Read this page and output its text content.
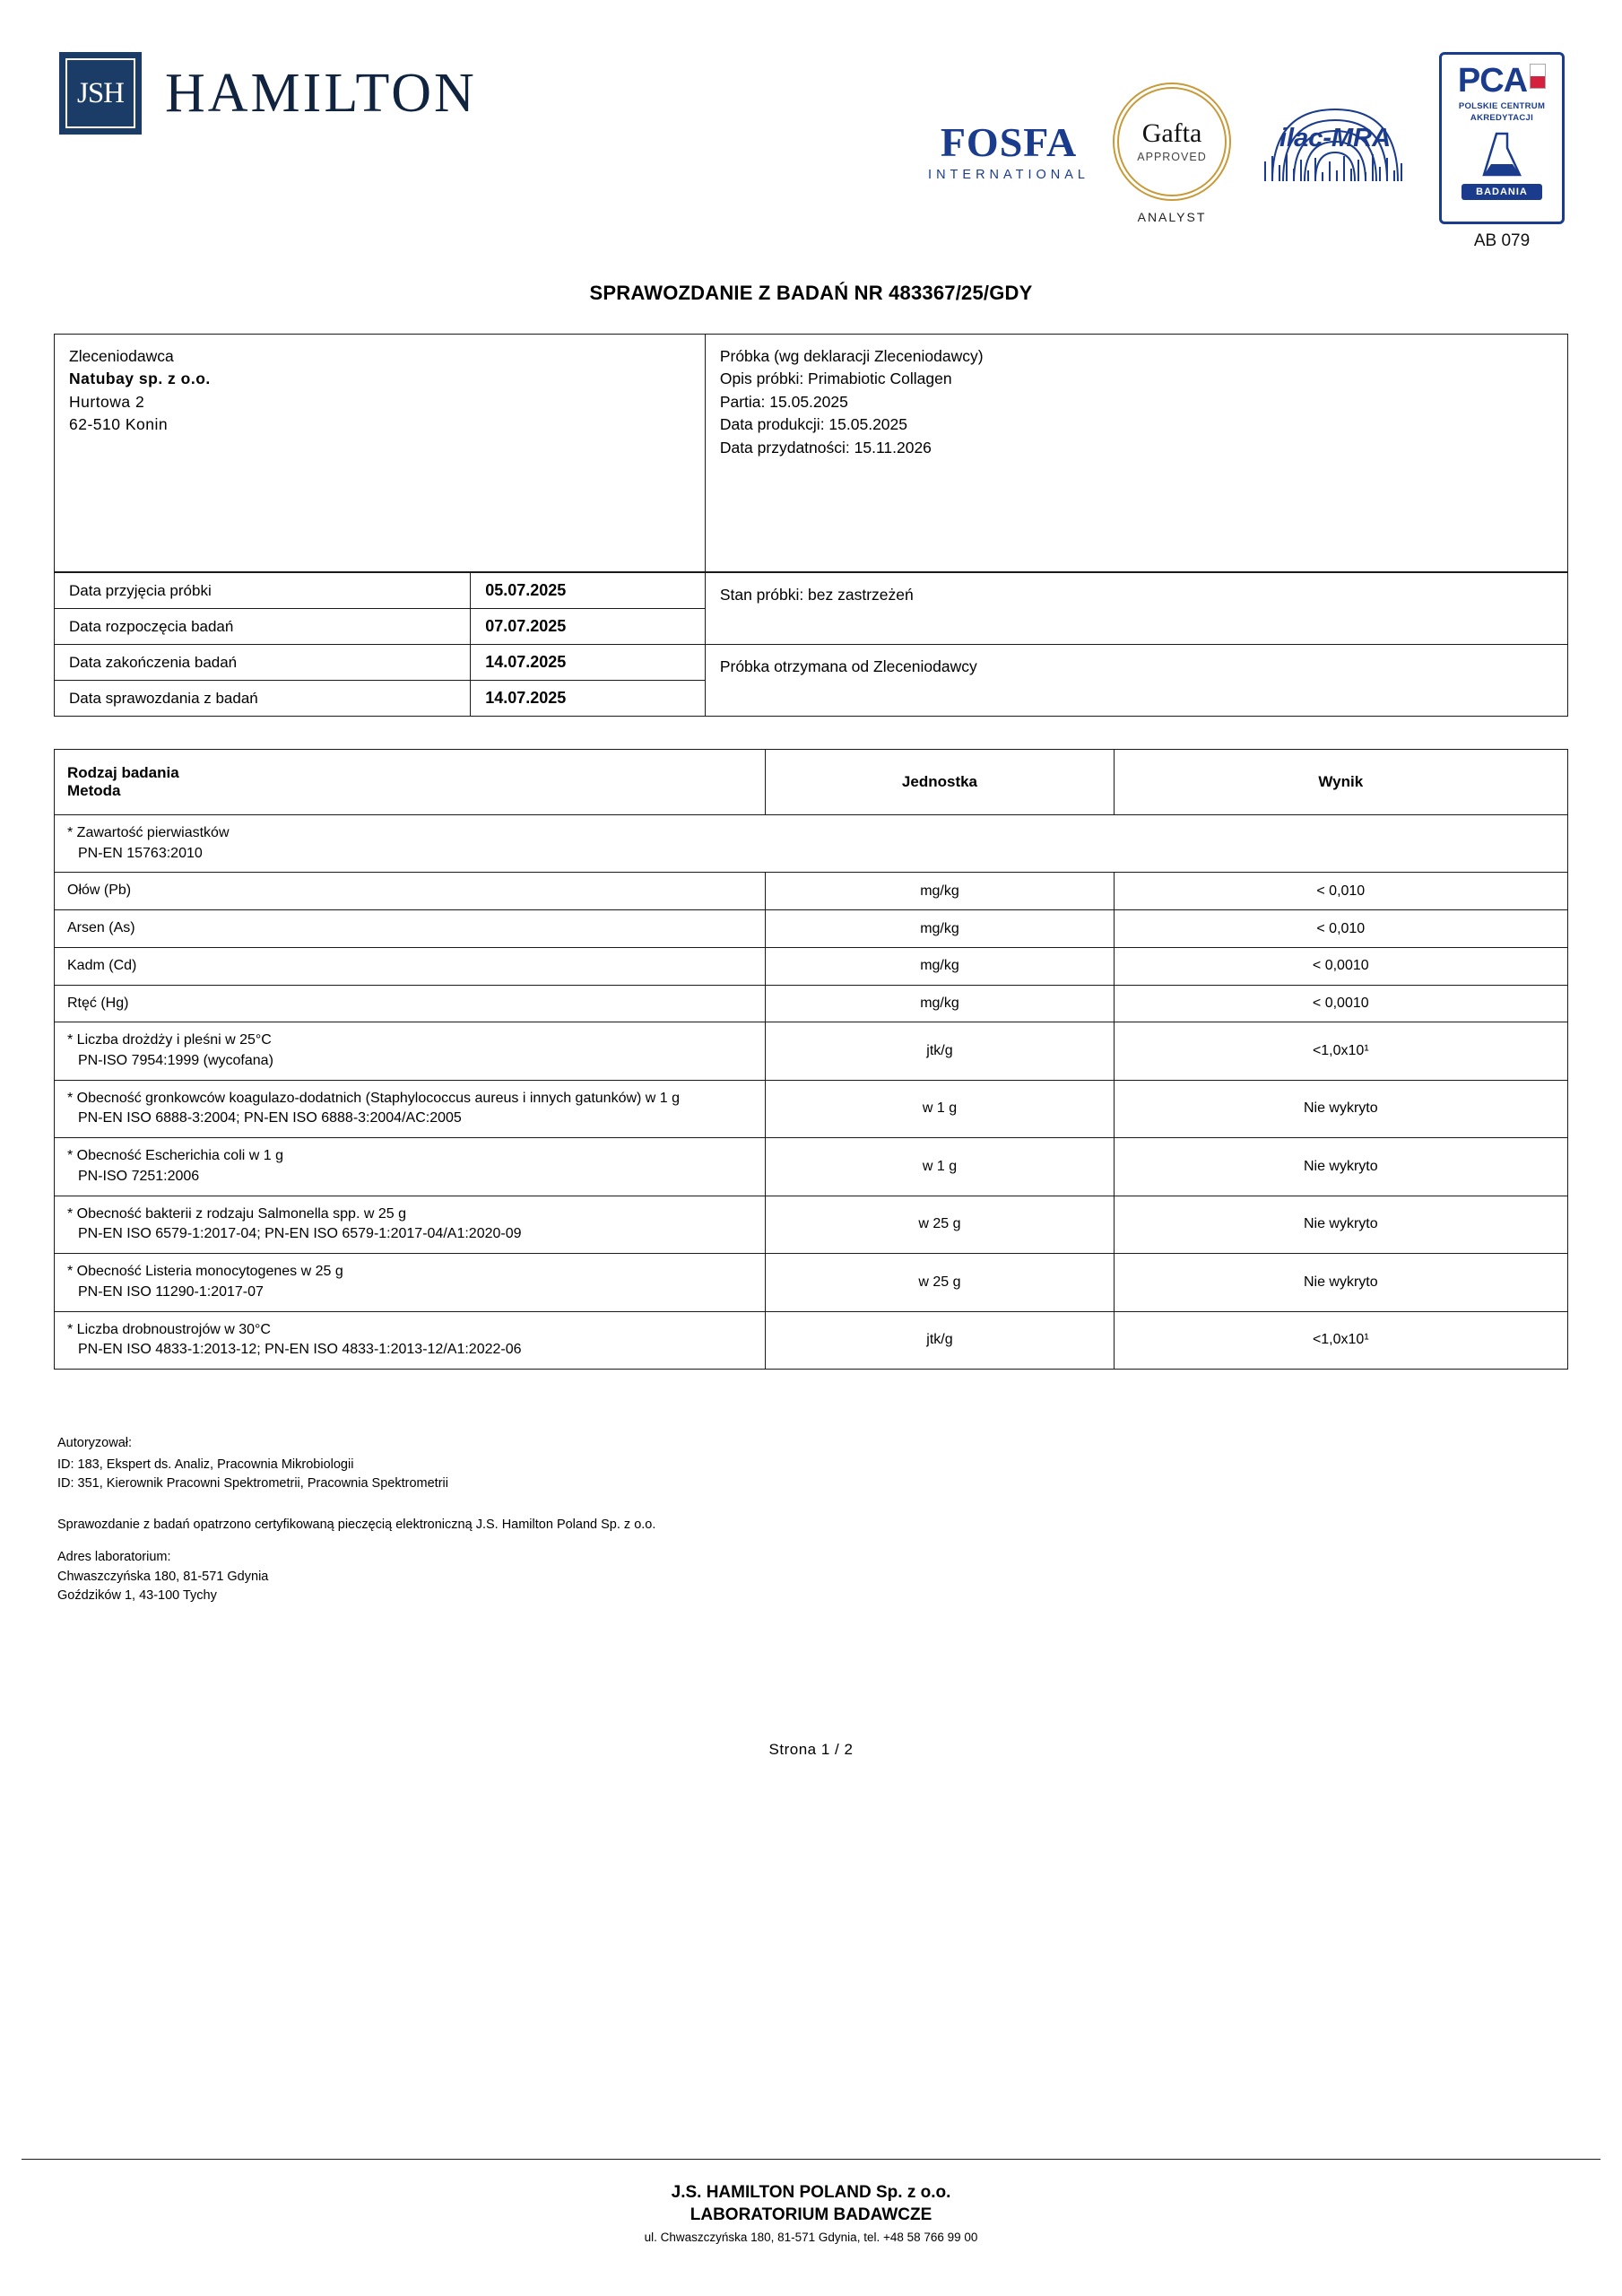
JSH HAMILTON
FOSFA
INTERNATIONAL
Gafta
APPROVED
ANALYST
ilac-MRA
PCA
POLSKIE CENTRUM
AKREDYTACJI
BADANIA
AB 079
SPRAWOZDANIE Z BADAŃ NR 483367/25/GDY
Zleceniodawca
Natubay sp. z o.o.
Hurtowa 2
62-510 Konin

Próbka (wg deklaracji Zleceniodawcy)
Opis próbki: Primabiotic Collagen
Partia: 15.05.2025
Data produkcji: 15.05.2025
Data przydatności: 15.11.2026
Data przyjęcia próbki	05.07.2025	Stan próbki: bez zastrzeżeń
Data rozpoczęcia badań	07.07.2025	
Data zakończenia badań	14.07.2025	Próbka otrzymana od Zleceniodawcy
Data sprawozdania z badań	14.07.2025	
Rodzaj badania
Metoda	Jednostka	Wynik

* Zawartość pierwiastków
PN-EN 15763:2010		

Ołów (Pb)	mg/kg	< 0,010

Arsen (As)	mg/kg	< 0,010

Kadm (Cd)	mg/kg	< 0,0010

Rtęć (Hg)	mg/kg	< 0,0010

* Liczba drożdży i pleśni w 25°C
PN-ISO 7954:1999 (wycofana)	jtk/g	<1,0x10¹

* Obecność gronkowców koagulazo-dodatnich (Staphylococcus aureus i innych gatunków) w 1 g
PN-EN ISO 6888-3:2004; PN-EN ISO 6888-3:2004/AC:2005	w 1 g	Nie wykryto

* Obecność Escherichia coli w 1 g
PN-ISO 7251:2006	w 1 g	Nie wykryto

* Obecność bakterii z rodzaju Salmonella spp. w 25 g
PN-EN ISO 6579-1:2017-04; PN-EN ISO 6579-1:2017-04/A1:2020-09	w 25 g	Nie wykryto

* Obecność Listeria monocytogenes w 25 g
PN-EN ISO 11290-1:2017-07	w 25 g	Nie wykryto

* Liczba drobnoustrojów w 30°C
PN-EN ISO 4833-1:2013-12; PN-EN ISO 4833-1:2013-12/A1:2022-06	jtk/g	<1,0x10¹
Autoryzował:
ID: 183, Ekspert ds. Analiz, Pracownia Mikrobiologii
ID: 351, Kierownik Pracowni Spektrometrii, Pracownia Spektrometrii
Sprawozdanie z badań opatrzono certyfikowaną pieczęcią elektroniczną J.S. Hamilton Poland Sp. z o.o.
Adres laboratorium:
Chwaszczyńska 180, 81-571 Gdynia
Goździków 1, 43-100 Tychy
Strona 1 / 2
J.S. HAMILTON POLAND Sp. z o.o.
LABORATORIUM BADAWCZE
ul. Chwaszczyńska 180, 81-571 Gdynia, tel. +48 58 766 99 00
